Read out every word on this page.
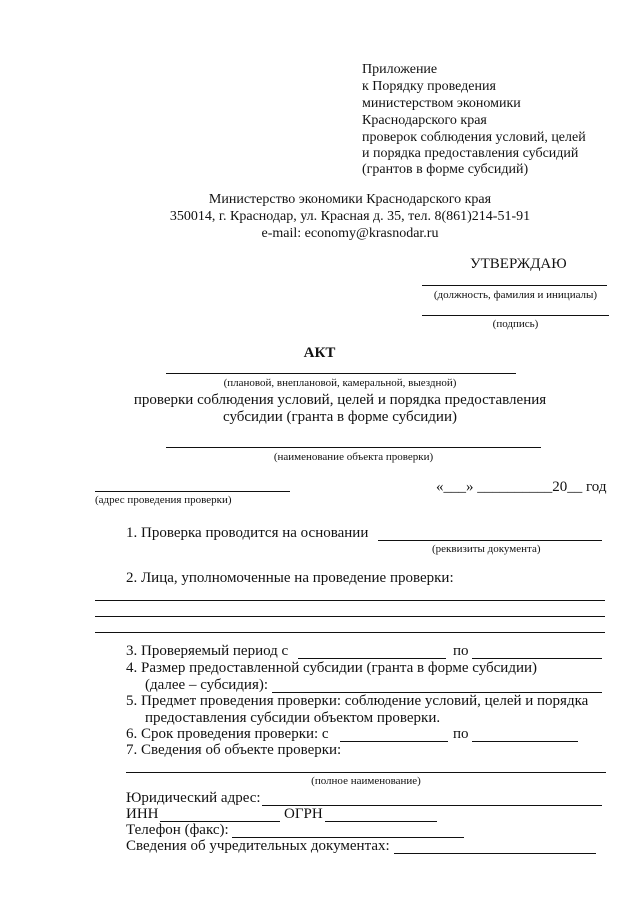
Приложение
к Порядку проведения
министерством экономики
Краснодарского края
проверок соблюдения условий, целей
и порядка предоставления субсидий
(грантов в форме субсидий)
Министерство экономики Краснодарского края
350014, г. Краснодар, ул. Красная д. 35, тел. 8(861)214-51-91
e-mail: economy@krasnodar.ru
УТВЕРЖДАЮ
(должность, фамилия и инициалы)
(подпись)
АКТ
(плановой, внеплановой, камеральной, выездной)
проверки соблюдения условий, целей и порядка предоставления
субсидии (гранта в форме субсидии)
(наименование объекта проверки)
(адрес проведения проверки)
«___» __________20__ год
1. Проверка проводится на основании
(реквизиты документа)
2. Лица, уполномоченные на проведение проверки:
3. Проверяемый период с	по
4. Размер предоставленной субсидии (гранта в форме субсидии)
(далее – субсидия):
5. Предмет проведения проверки: соблюдение условий, целей и порядка
предоставления субсидии объектом проверки.
6. Срок проведения проверки: с	по
7. Сведения об объекте проверки:
(полное наименование)
Юридический адрес:
ИНН	ОГРН
Телефон (факс):
Сведения об учредительных документах:
